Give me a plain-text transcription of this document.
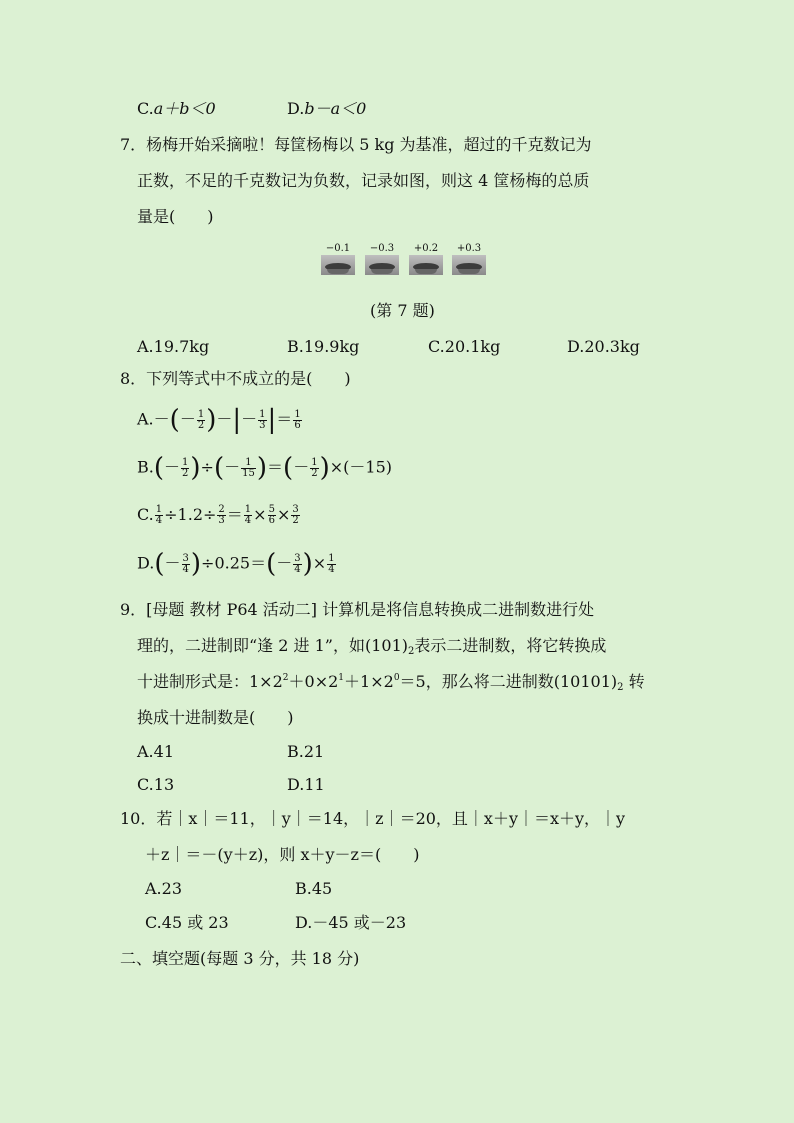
C.a＋b＜0	D.b－a＜0
7．杨梅开始采摘啦！每筐杨梅以 5 kg 为基准，超过的千克数记为
正数，不足的千克数记为负数，记录如图，则这 4 筐杨梅的总质
量是(　　)
−0.1	−0.3	+0.2	+0.3
(第 7 题)
A.19.7kg	B.19.9kg	C.20.1kg	D.20.3kg
8．下列等式中不成立的是(　　)
$A.-(- \frac{1}{2}$ )－|－ $\frac{1}{3}$ |＝ $\frac{1}{6}$
$B.(- \frac{1}{2}$ )÷(－ $\frac{1}{15}$ )＝(－ $\frac{1}{2} )\times(-15)$
C. $\frac{1}{4} \div 1.2\div \frac{2}{3} = \frac{1}{4} \times \frac{5}{6} \times \frac{3}{2}$
$D.(- \frac{3}{4} )\div 0.25=(- \frac{3}{4}$ )× $\frac{1}{4}$
9．[母题 教材 P64 活动二] 计算机是将信息转换成二进制数进行处
理的，二进制即“逢 2 进 1”，如$(101)_2$表示二进制数，将它转换成
十进制形式是：$1\times 2^2+0\times 2^1+1\times 2^0=5$，那么将二进制数$(10101)_2$ 转
换成十进制数是(　　)
A.41	B.21
C.13	D.11
10．若｜x｜＝11，｜y｜＝14，｜z｜＝20，且｜x＋y｜＝x＋y，｜y
＋z｜＝－(y＋z)，则 x＋y－z＝(　　)
A.23	B.45
C.45 或 23	D.－45 或－23
二、填空题(每题 3 分，共 18 分)
